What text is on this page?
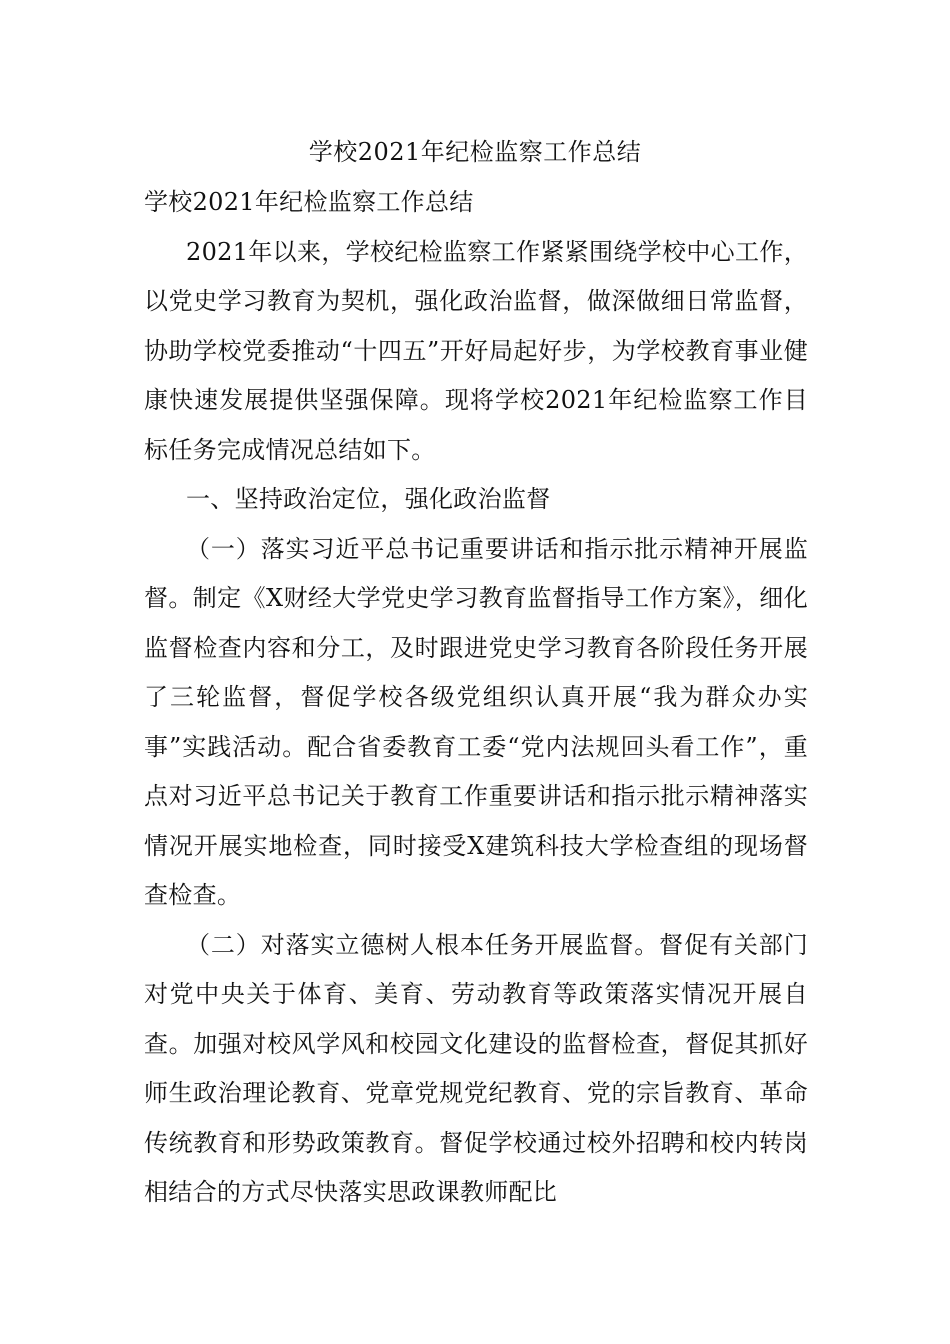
学校2021年纪检监察工作总结

学校2021年纪检监察工作总结

2021年以来，学校纪检监察工作紧紧围绕学校中心工作，以党史学习教育为契机，强化政治监督，做深做细日常监督，协助学校党委推动“十四五”开好局起好步，为学校教育事业健康快速发展提供坚强保障。现将学校2021年纪检监察工作目标任务完成情况总结如下。

一、坚持政治定位，强化政治监督

（一）落实习近平总书记重要讲话和指示批示精神开展监督。制定《X财经大学党史学习教育监督指导工作方案》，细化监督检查内容和分工，及时跟进党史学习教育各阶段任务开展了三轮监督，督促学校各级党组织认真开展“我为群众办实事”实践活动。配合省委教育工委“党内法规回头看工作”，重点对习近平总书记关于教育工作重要讲话和指示批示精神落实情况开展实地检查，同时接受X建筑科技大学检查组的现场督查检查。

（二）对落实立德树人根本任务开展监督。督促有关部门对党中央关于体育、美育、劳动教育等政策落实情况开展自查。加强对校风学风和校园文化建设的监督检查，督促其抓好师生政治理论教育、党章党规党纪教育、党的宗旨教育、革命传统教育和形势政策教育。督促学校通过校外招聘和校内转岗相结合的方式尽快落实思政课教师配比
